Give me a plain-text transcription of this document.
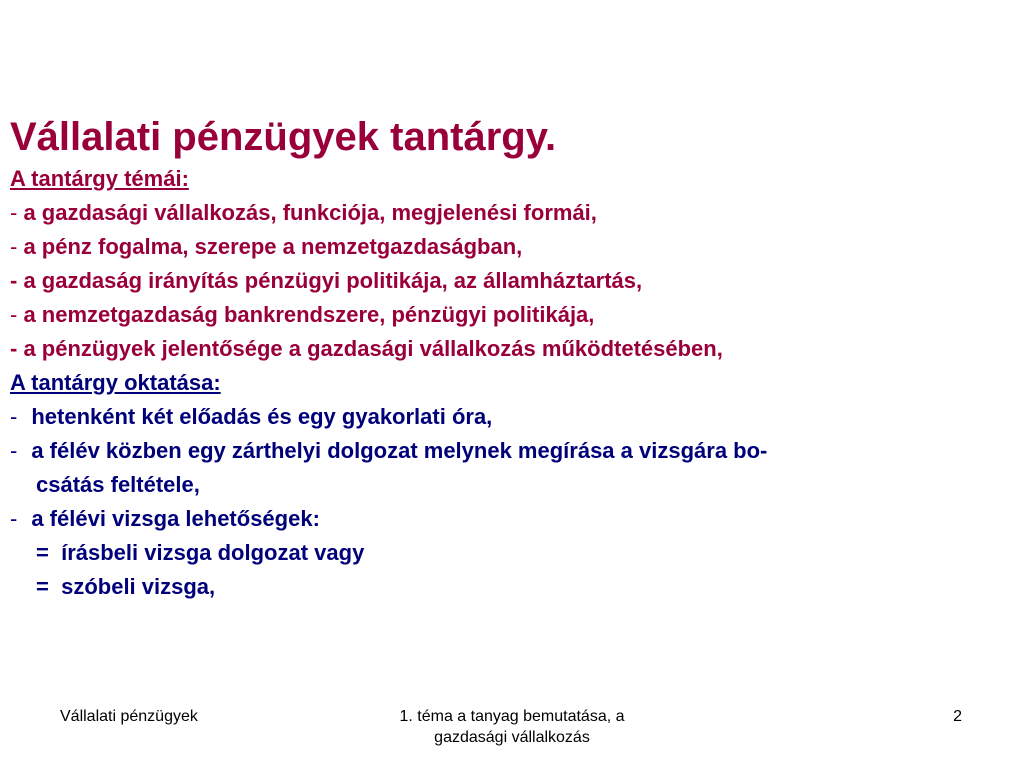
Vállalati pénzügyek tantárgy.

A tantárgy témái:

- a gazdasági vállalkozás, funkciója, megjelenési formái,

- a pénz fogalma, szerepe a nemzetgazdaságban,

- a gazdaság irányítás pénzügyi politikája, az államháztartás,

- a nemzetgazdaság bankrendszere, pénzügyi politikája,

- a pénzügyek jelentősége a gazdasági vállalkozás működtetésében,

A tantárgy oktatása:

- hetenként két előadás és egy gyakorlati óra,

- a félév közben egy zárthelyi dolgozat melynek megírása a vizsgára bo-

csátás feltétele,

- a félévi vizsga lehetőségek:

= írásbeli vizsga dolgozat vagy

= szóbeli vizsga,

Vállalati pénzügyek	1. téma a tanyag bemutatása, a
gazdasági vállalkozás
2
